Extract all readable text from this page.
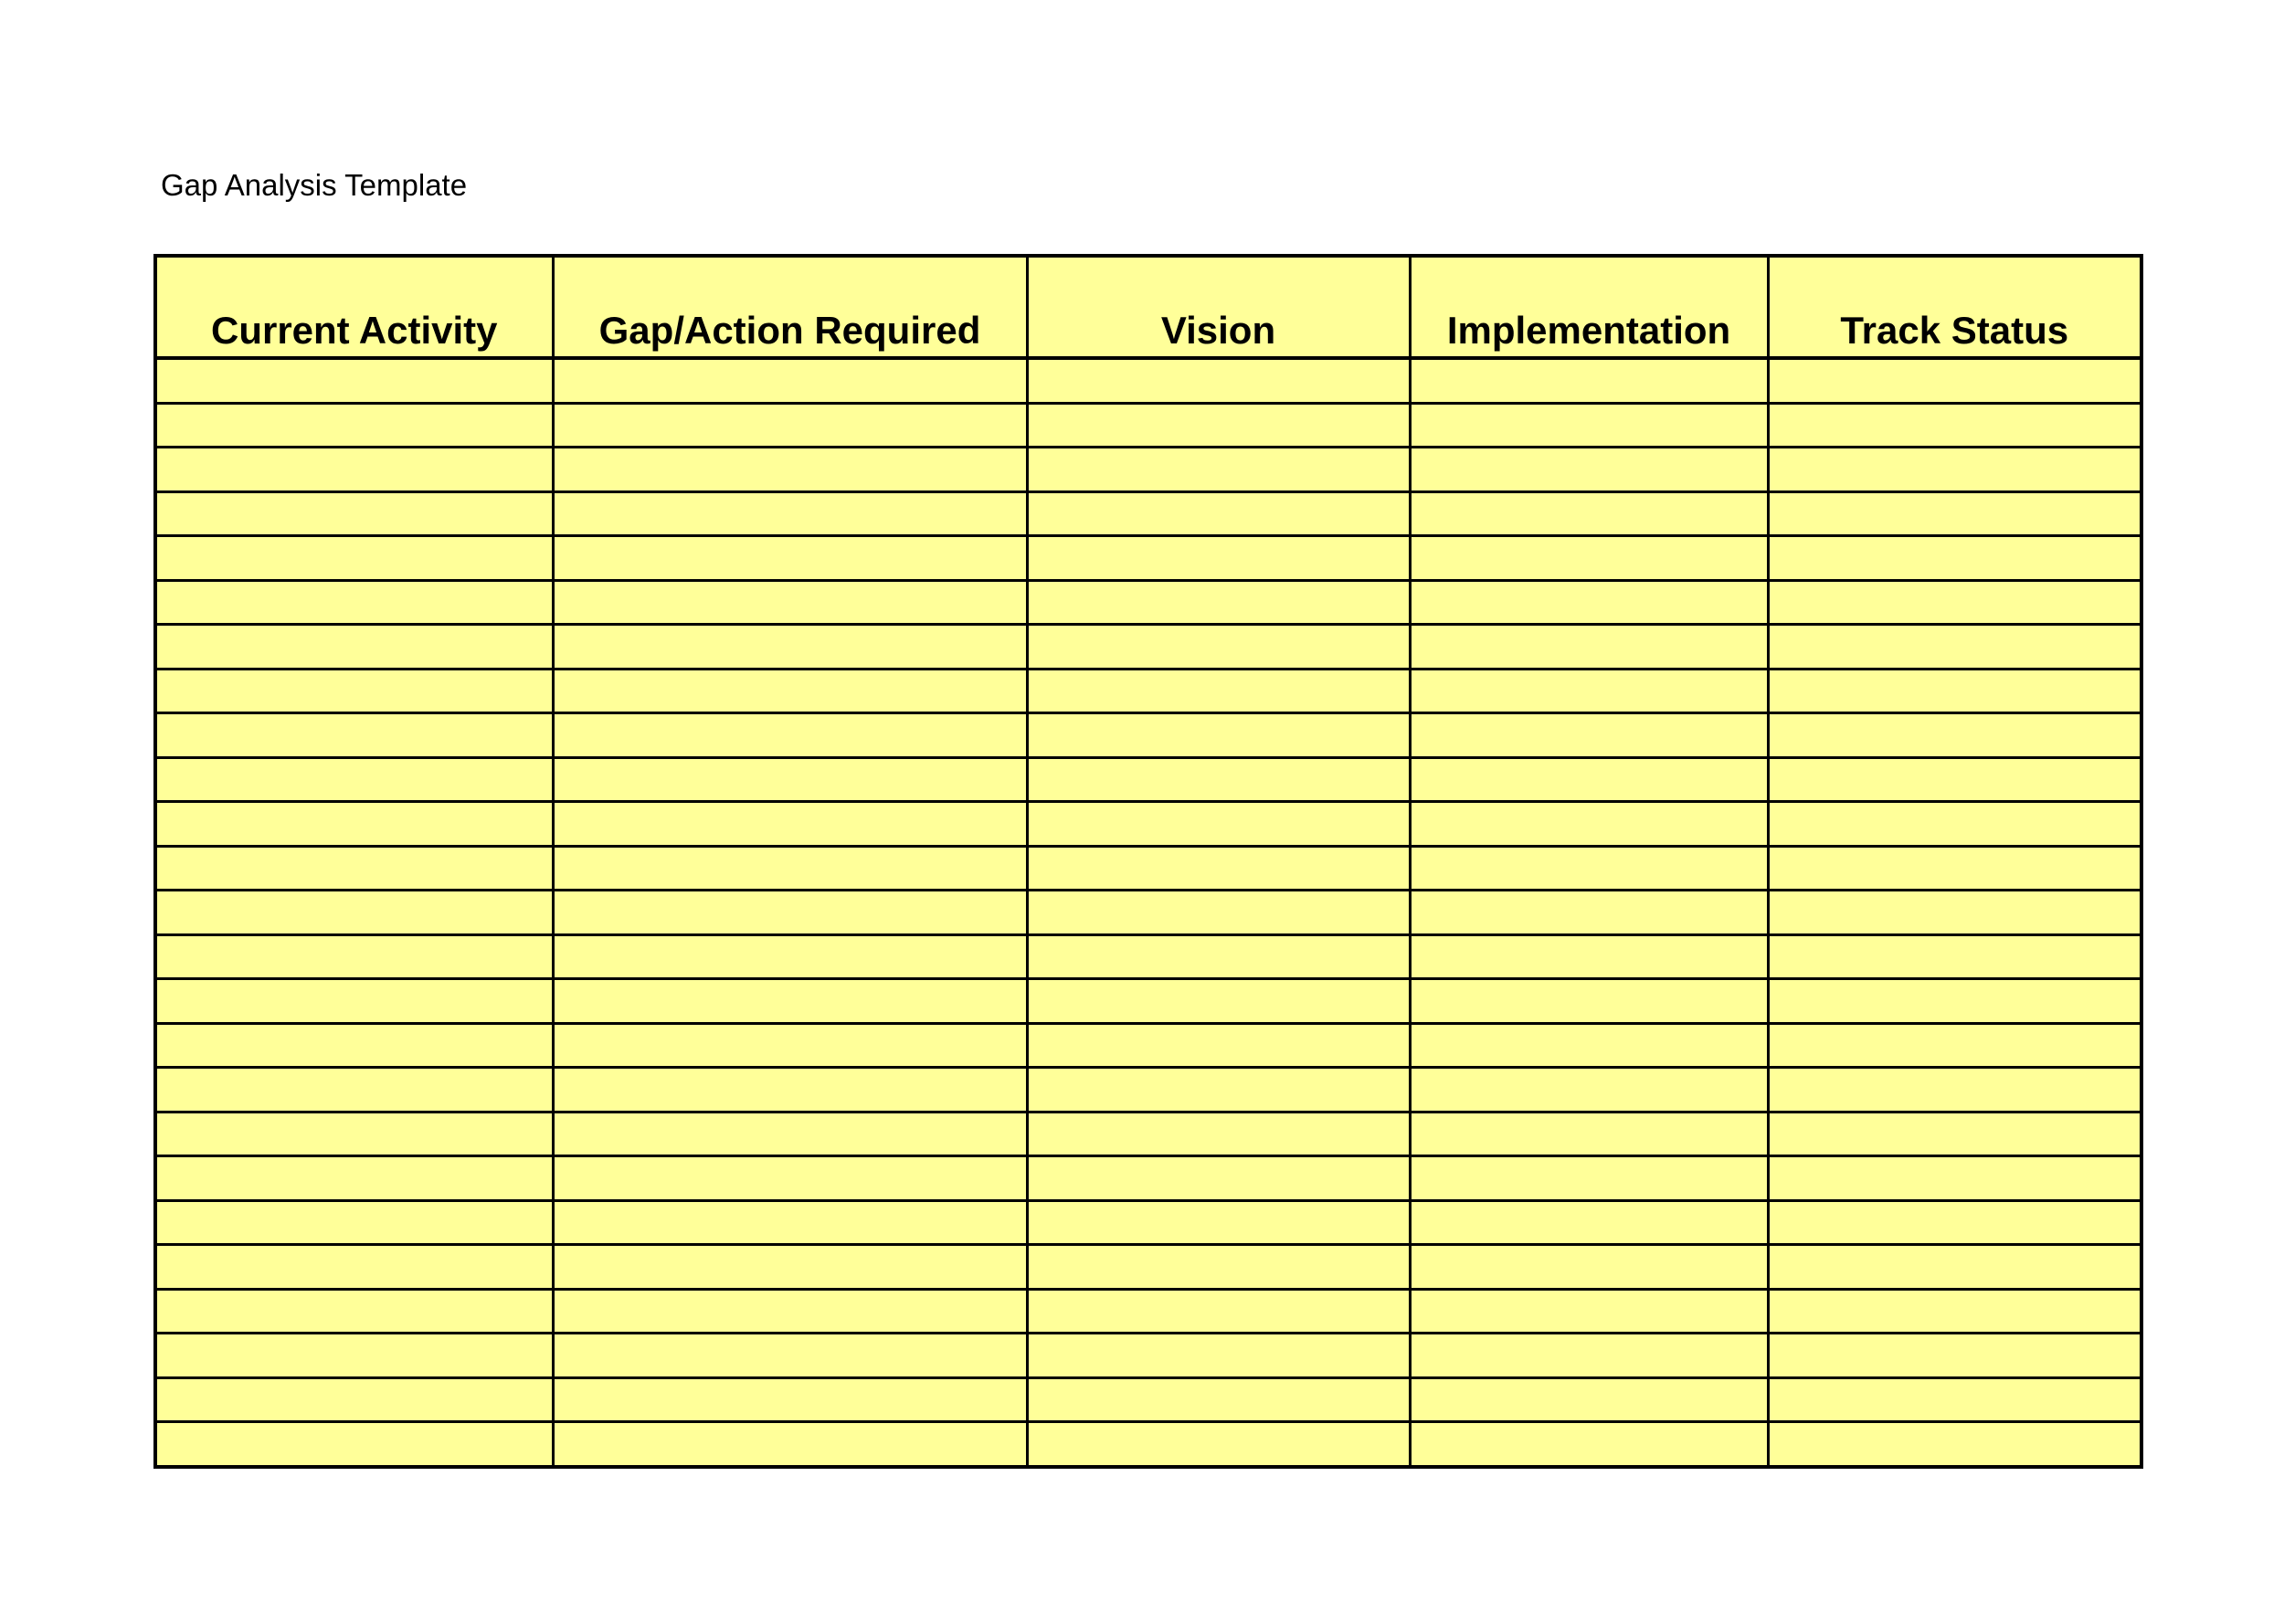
Gap Analysis Template
Current Activity	Gap/Action Required	Vision	Implementation	Track Status
